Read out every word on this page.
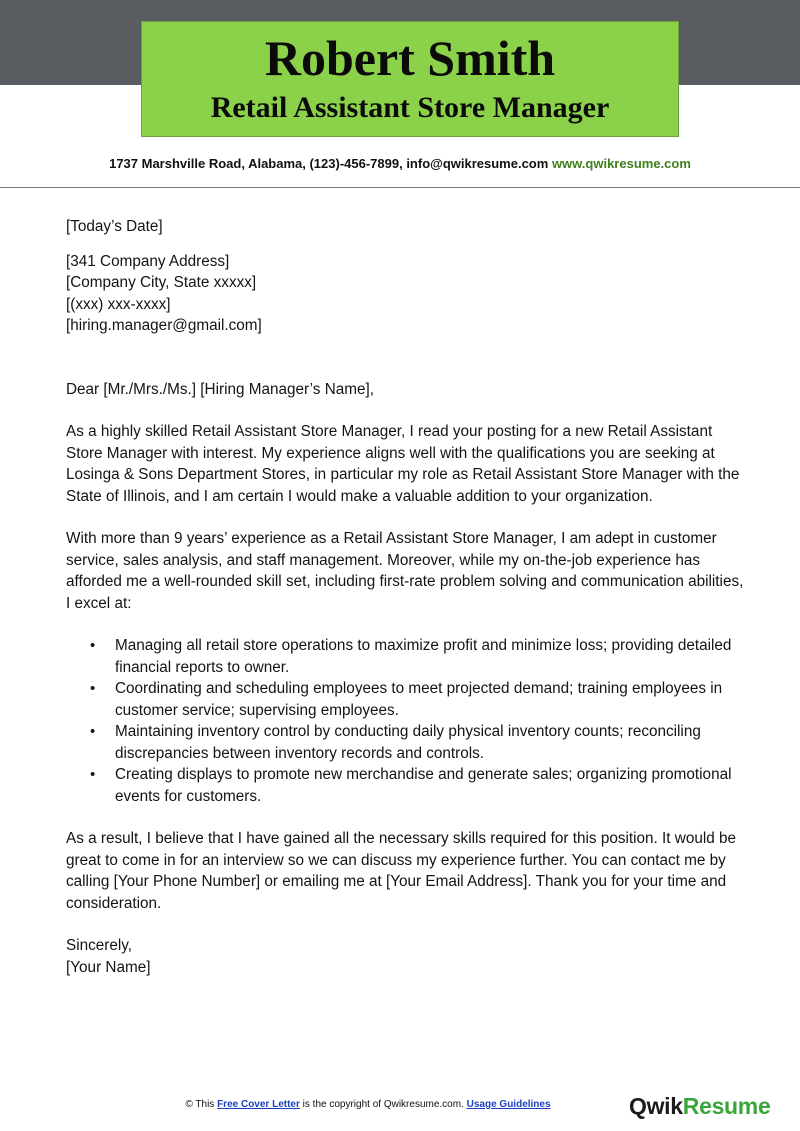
Robert Smith
Retail Assistant Store Manager
1737 Marshville Road, Alabama, (123)-456-7899, info@qwikresume.com www.qwikresume.com

[Today’s Date]

[341 Company Address]

[Company City, State xxxxx]

[(xxx) xxx-xxxx]

[hiring.manager@gmail.com]

Dear [Mr./Mrs./Ms.] [Hiring Manager’s Name],

As a highly skilled Retail Assistant Store Manager, I read your posting for a new Retail Assistant Store Manager with interest. My experience aligns well with the qualifications you are seeking at Losinga & Sons Department Stores, in particular my role as Retail Assistant Store Manager with the State of Illinois, and I am certain I would make a valuable addition to your organization.

With more than 9 years’ experience as a Retail Assistant Store Manager, I am adept in customer service, sales analysis, and staff management. Moreover, while my on-the-job experience has afforded me a well-rounded skill set, including first-rate problem solving and communication abilities, I excel at:

• Managing all retail store operations to maximize profit and minimize loss; providing detailed financial reports to owner.
• Coordinating and scheduling employees to meet projected demand; training employees in customer service; supervising employees.
• Maintaining inventory control by conducting daily physical inventory counts; reconciling discrepancies between inventory records and controls.
• Creating displays to promote new merchandise and generate sales; organizing promotional events for customers.

As a result, I believe that I have gained all the necessary skills required for this position. It would be great to come in for an interview so we can discuss my experience further. You can contact me by calling [Your Phone Number] or emailing me at [Your Email Address]. Thank you for your time and consideration.

Sincerely,

[Your Name]

© This Free Cover Letter is the copyright of Qwikresume.com. Usage Guidelines	QwikResume
